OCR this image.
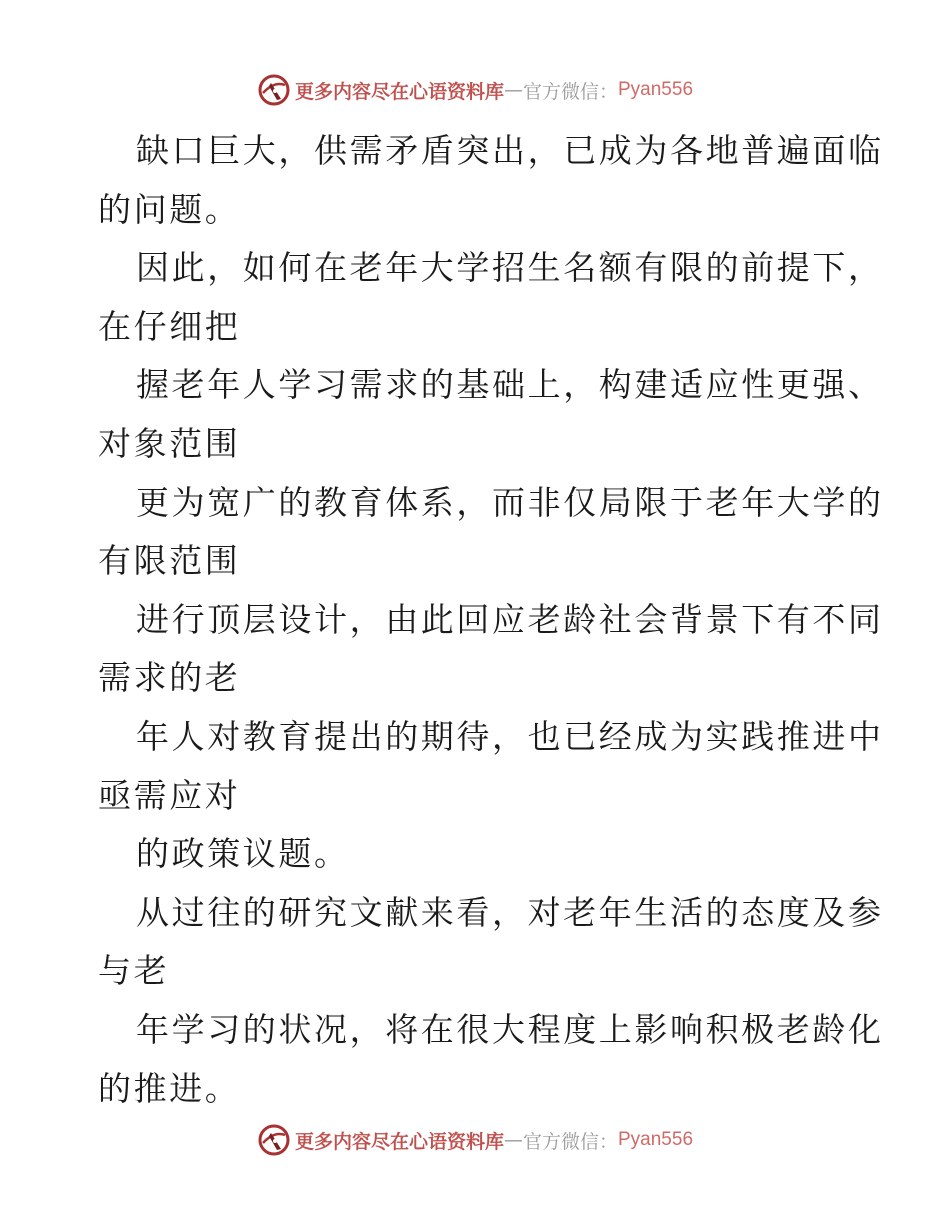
更多内容尽在心语资料库 — 官方微信： Pyan556
缺口巨大，供需矛盾突出，已成为各地普遍面临
的问题。
因此，如何在老年大学招生名额有限的前提下，
在仔细把
握老年人学习需求的基础上，构建适应性更强、
对象范围
更为宽广的教育体系，而非仅局限于老年大学的
有限范围
进行顶层设计，由此回应老龄社会背景下有不同
需求的老
年人对教育提出的期待，也已经成为实践推进中
亟需应对
的政策议题。
从过往的研究文献来看，对老年生活的态度及参
与老
年学习的状况，将在很大程度上影响积极老龄化
的推进。
更多内容尽在心语资料库 — 官方微信： Pyan556
